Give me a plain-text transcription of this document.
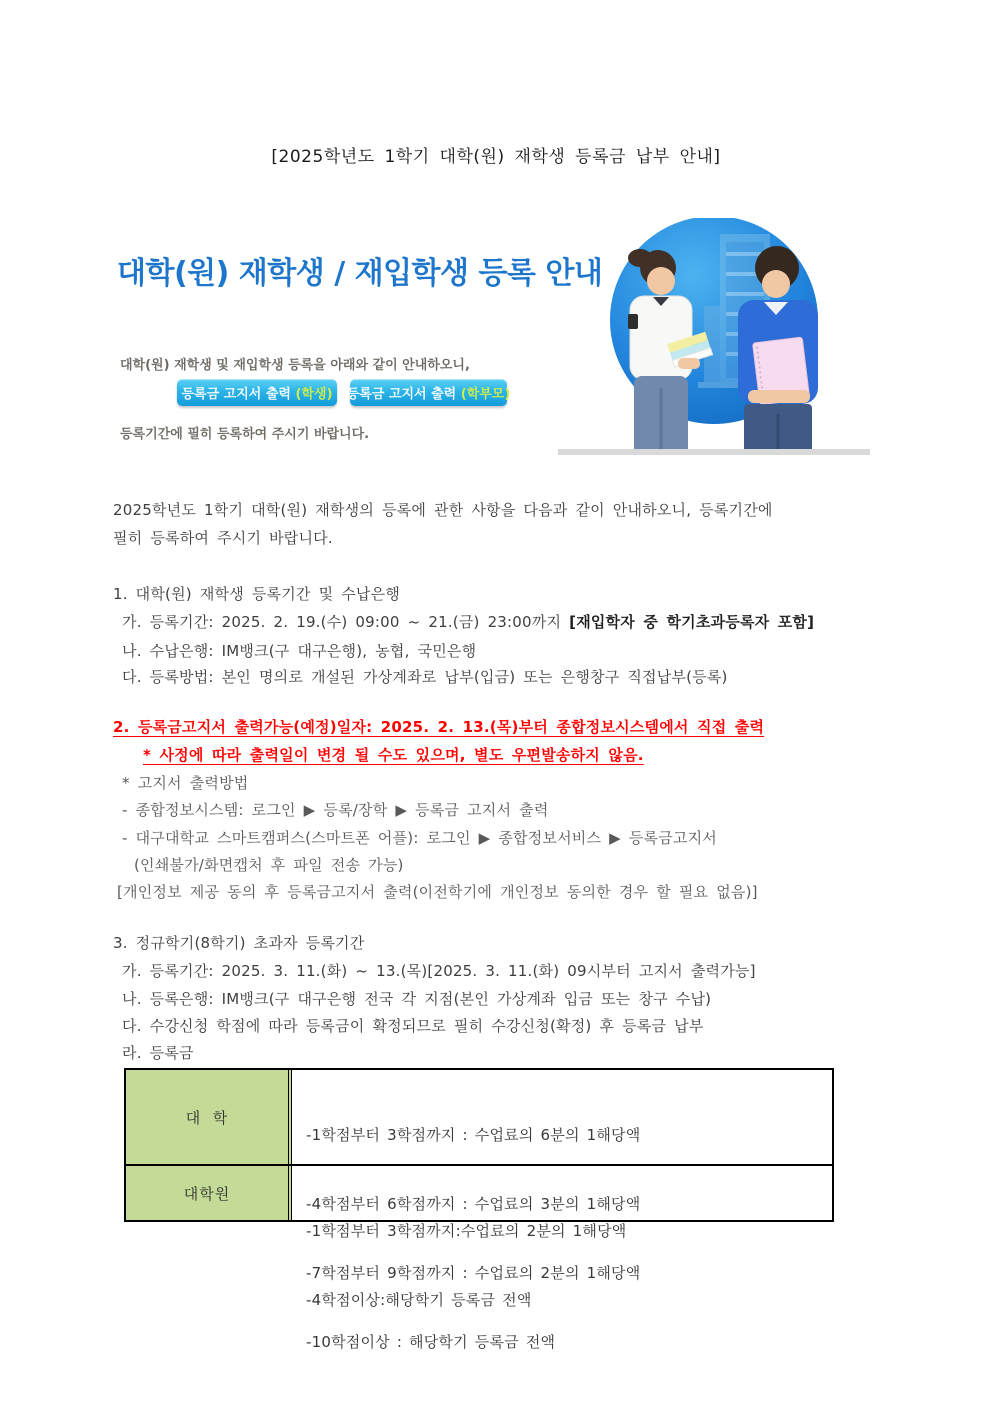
[2025학년도 1학기 대학(원) 재학생 등록금 납부 안내]
대학(원) 재학생 / 재입학생 등록 안내

대학(원) 재학생 및 재입학생 등록을 아래와 같이 안내하오니,

등록기간에 필히 등록하여 주시기 바랍니다.

등록금 고지서 출력 (학생) 등록금 고지서 출력 (학부모)
2025학년도 1학기 대학(원) 재학생의 등록에 관한 사항을 다음과 같이 안내하오니, 등록기간에
필히 등록하여 주시기 바랍니다.
1. 대학(원) 재학생 등록기간 및 수납은행
가. 등록기간: 2025. 2. 19.(수) 09:00 ~ 21.(금) 23:00까지 [재입학자 중 학기초과등록자 포함]
나. 수납은행: IM뱅크(구 대구은행), 농협, 국민은행
다. 등록방법: 본인 명의로 개설된 가상계좌로 납부(입금) 또는 은행창구 직접납부(등록)
2. 등록금고지서 출력가능(예정)일자: 2025. 2. 13.(목)부터 종합정보시스템에서 직접 출력
* 사정에 따라 출력일이 변경 될 수도 있으며, 별도 우편발송하지 않음.
* 고지서 출력방법
- 종합정보시스템: 로그인 ▶ 등록/장학 ▶ 등록금 고지서 출력
- 대구대학교 스마트캠퍼스(스마트폰 어플): 로그인 ▶ 종합정보서비스 ▶ 등록금고지서
(인쇄불가/화면캡처 후 파일 전송 가능)
[개인정보 제공 동의 후 등록금고지서 출력(이전학기에 개인정보 동의한 경우 할 필요 없음)]
3. 정규학기(8학기) 초과자 등록기간
가. 등록기간: 2025. 3. 11.(화) ~ 13.(목)[2025. 3. 11.(화) 09시부터 고지서 출력가능]
나. 등록은행: IM뱅크(구 대구은행 전국 각 지점(본인 가상계좌 입금 또는 창구 수납)
다. 수강신청 학점에 따라 등록금이 확정되므로 필히 수강신청(확정) 후 등록금 납부
라. 등록금
대  학

-1학점부터 3학점까지 : 수업료의 6분의 1해당액

-4학점부터 6학점까지 : 수업료의 3분의 1해당액

-7학점부터 9학점까지 : 수업료의 2분의 1해당액

-10학점이상 : 해당학기 등록금 전액

대학원

-1학점부터 3학점까지:수업료의 2분의 1해당액

-4학점이상:해당학기 등록금 전액
